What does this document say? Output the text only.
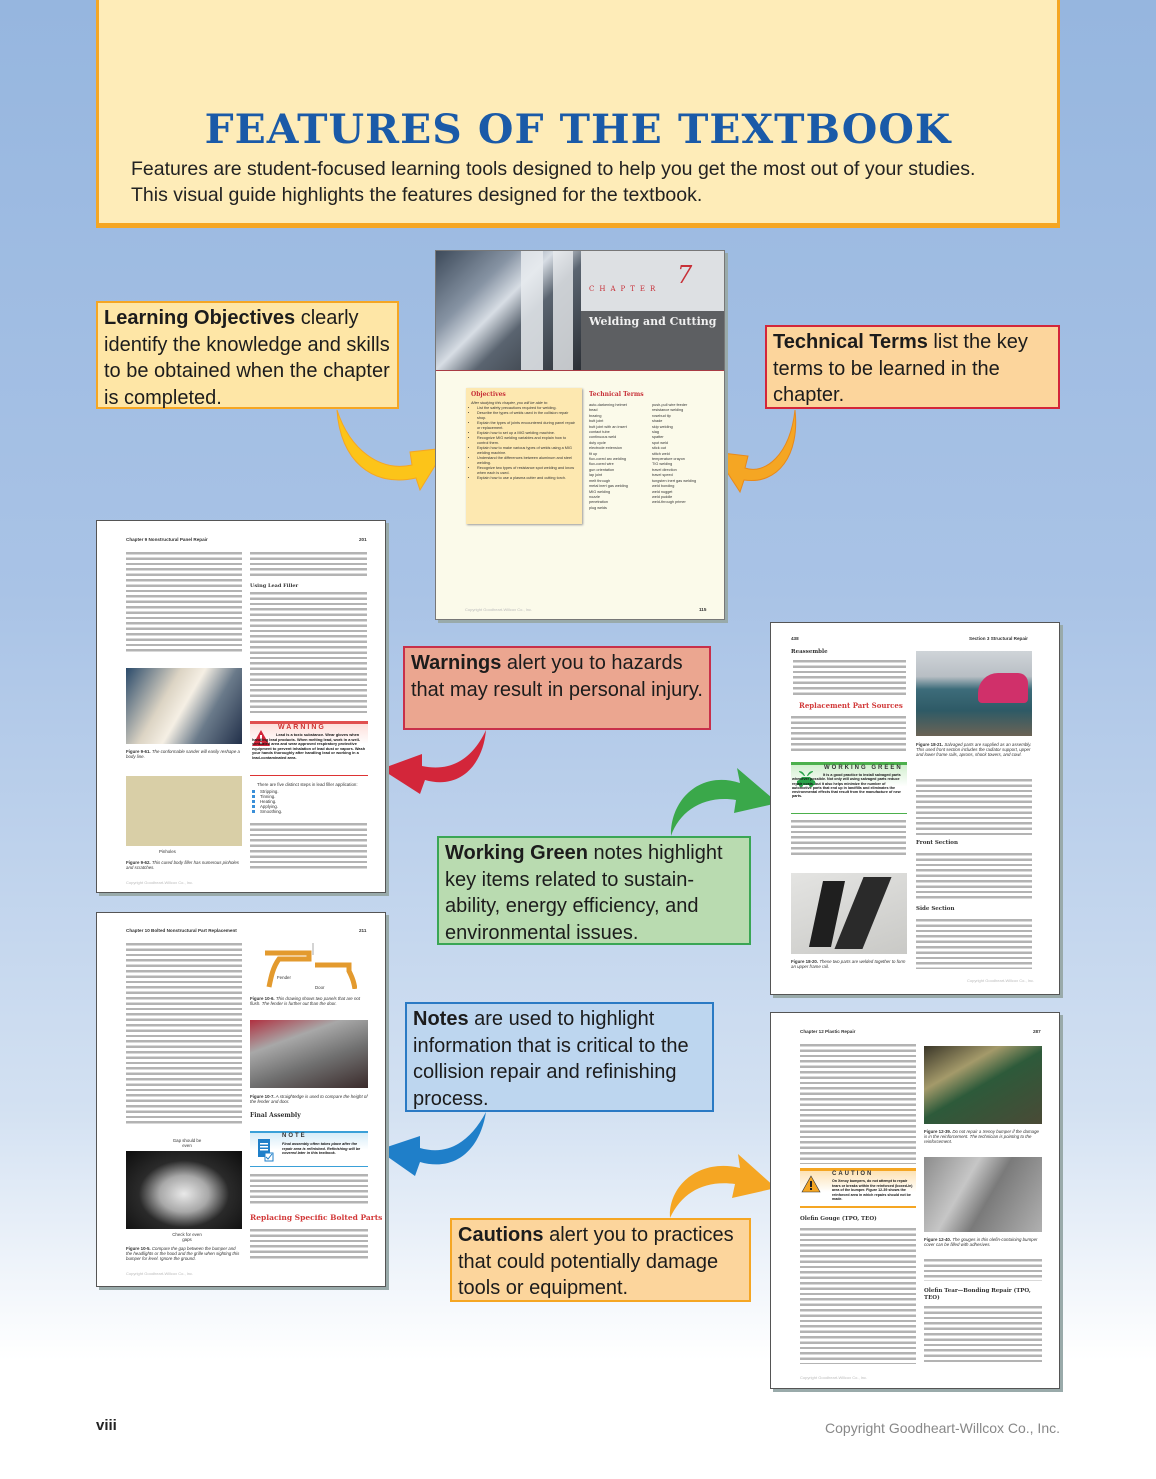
FEATURES OF THE TEXTBOOK
Features are student-focused learning tools designed to help you get the most out of your studies.
This visual guide highlights the features designed for the textbook.
Learning Objectives clearly identify the knowledge and skills to be obtained when the chapter is completed.
Technical Terms list the key terms to be learned in the chapter.
Warnings alert you to hazards that may result in personal injury.
Working Green notes highlight key items related to sustain-ability, energy efficiency, and environmental issues.
Notes are used to highlight information that is critical to the collision repair and refinishing process.
Cautions alert you to practices that could potentially damage tools or equipment.
CHAPTER 7
Welding and Cutting
Objectives
After studying this chapter, you will be able to:
• List the safety precautions required for welding.
• Describe the types of welds used in the collision repair shop.
• Explain the types of joints encountered during panel repair or replacement.
• Explain how to set up a MIG welding machine.
• Recognize MIG welding variables and explain how to control them.
• Explain how to make various types of welds using a MIG welding machine.
• Understand the differences between aluminum and steel welding.
• Recognize two types of resistance spot welding and know when each is used.
• Explain how to use a plasma cutter and cutting torch.
Technical Terms
auto-darkening helmet
bead
brazing
butt joint
butt joint with an insert
contact tube
continuous weld
duty cycle
electrode extension
fit up
flux-cored arc welding
flux-cored wire
gun orientation
lap joint
melt through
metal inert gas welding
MIG welding
nozzle
penetration
plug welds
push-pull wire feeder
resistance welding
rosebud tip
shade
skip welding
slag
spatter
spot weld
stick out
stitch weld
temperature crayon
TIG welding
travel direction
travel speed
tungsten inert gas welding
weld bonding
weld nugget
weld puddle
weld-through primer
Copyright Goodheart-Willcox Co., Inc.	115
Chapter 9 Nonstructural Panel Repair	201
Figure 9-61. The conformable sander will easily reshape a body line.
Pinholes
Figure 9-62. This cured body filler has numerous pinholes and scratches.
Using Lead Filler
WARNING
Lead is a toxic substance. Wear gloves when handling lead products. When melting lead, work in a well-ventilated area and wear approved respiratory protective equipment to prevent inhalation of lead dust or vapors. Wash your hands thoroughly after handling lead or working in a lead-contaminated area.
There are five distinct steps in lead filler application:
Stripping.
Tinning.
Heating.
Applying.
Smoothing.
Copyright Goodheart-Willcox Co., Inc.
438	Section 3 Structural Repair
Reassemble
Replacement Part Sources
WORKING GREEN
It is a good practice to install salvaged parts whenever possible. Not only will using salvaged parts reduce repair costs, but it also helps minimize the number of automotive parts that end up in landfills and eliminates the environmental effects that result from the manufacture of new parts.
Figure 18-20. These two parts are welded together to form an upper frame rail.
Figure 18-21. Salvaged parts are supplied as an assembly. This used front section includes the radiator support, upper and lower frame rails, aprons, shock towers, and cowl.
Front Section
Side Section
Copyright Goodheart-Willcox Co., Inc.
Chapter 10 Bolted Nonstructural Part Replacement	211
Gap should be even
Check for even gaps
Figure 10-5. Compare the gap between the bumper and the headlights or the hood and the grille when sighting this bumper for level. Ignore the ground.
Fender
Door
Figure 10-6. This drawing shows two panels that are not flush. The fender is further out than the door.
Figure 10-7. A straightedge is used to compare the height of the fender and door.
Final Assembly
NOTE
Final assembly often takes place after the repair area is refinished. Refinishing will be covered later in this textbook.
Replacing Specific Bolted Parts
Copyright Goodheart-Willcox Co., Inc.
Chapter 12 Plastic Repair	287
CAUTION
On Xenoy bumpers, do not attempt to repair tears or breaks within the reinforced (boxed-in) area of the bumper. Figure 12-39 shows the reinforced area in which repairs should not be made.
Olefin Gouge (TPO, TEO)
Figure 12-39. Do not repair a Xenoy bumper if the damage is in the reinforcement. The technician is pointing to the reinforcement.
Figure 12-40. The gouges in this olefin-containing bumper cover can be filled with adhesives.
Olefin Tear—Bonding Repair (TPO, TEO)
Copyright Goodheart-Willcox Co., Inc.
viii	Copyright Goodheart-Willcox Co., Inc.
